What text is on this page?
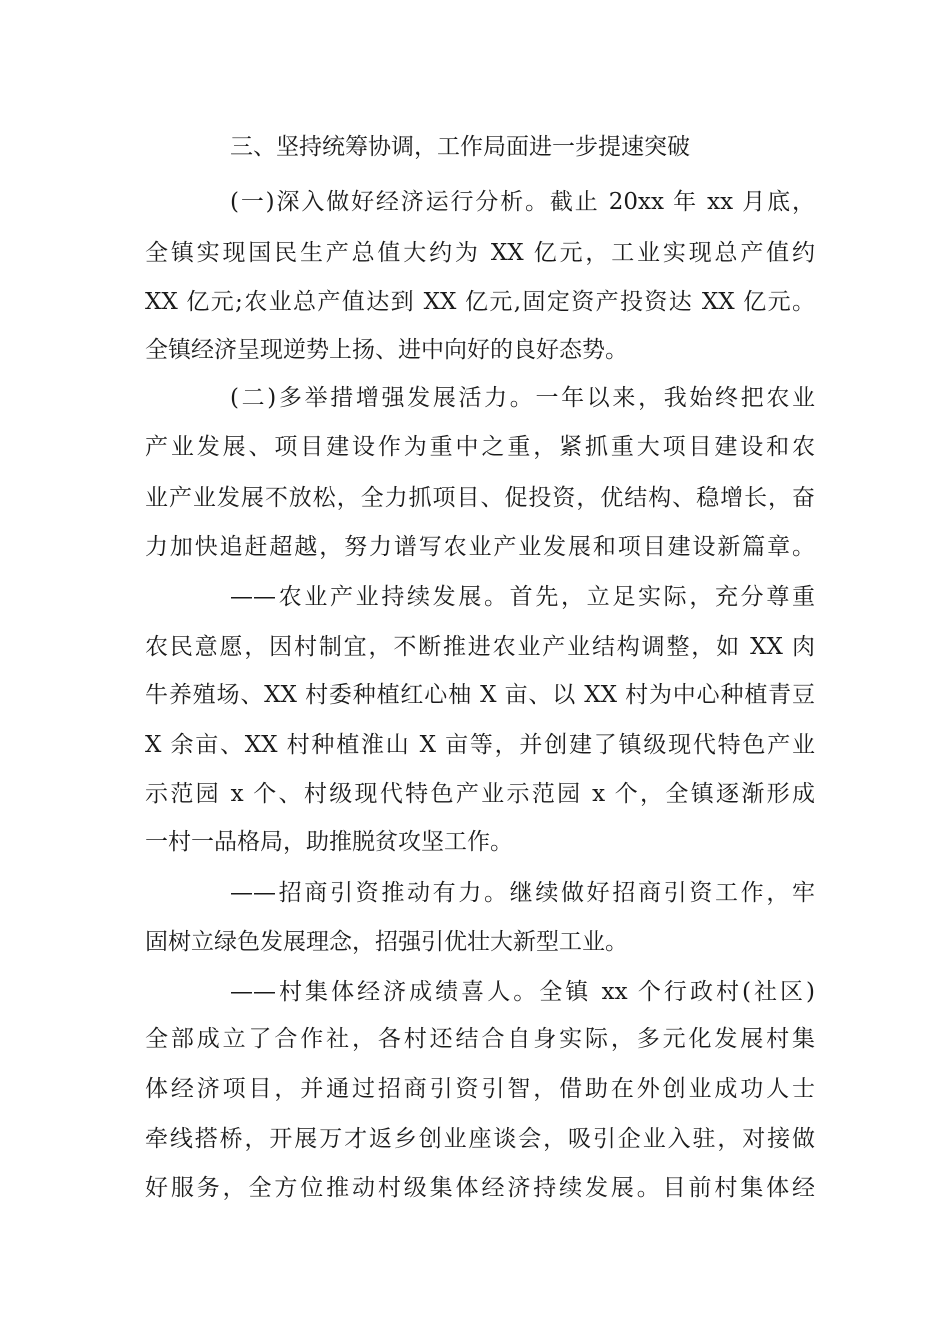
三、坚持统筹协调，工作局面进一步提速突破
(一)深入做好经济运行分析。截止 20xx 年 xx 月底，
全镇实现国民生产总值大约为 XX 亿元，工业实现总产值约
XX 亿元;农业总产值达到 XX 亿元,固定资产投资达 XX 亿元。
全镇经济呈现逆势上扬、进中向好的良好态势。
(二)多举措增强发展活力。一年以来，我始终把农业
产业发展、项目建设作为重中之重，紧抓重大项目建设和农
业产业发展不放松，全力抓项目、促投资，优结构、稳增长，奋
力加快追赶超越，努力谱写农业产业发展和项目建设新篇章。
——农业产业持续发展。首先，立足实际，充分尊重
农民意愿，因村制宜，不断推进农业产业结构调整，如 XX 肉
牛养殖场、XX 村委种植红心柚 X 亩、以 XX 村为中心种植青豆
X 余亩、XX 村种植淮山 X 亩等，并创建了镇级现代特色产业
示范园 x 个、村级现代特色产业示范园 x 个，全镇逐渐形成
一村一品格局，助推脱贫攻坚工作。
——招商引资推动有力。继续做好招商引资工作，牢
固树立绿色发展理念，招强引优壮大新型工业。
——村集体经济成绩喜人。全镇 xx 个行政村(社区)
全部成立了合作社，各村还结合自身实际，多元化发展村集
体经济项目，并通过招商引资引智，借助在外创业成功人士
牵线搭桥，开展万才返乡创业座谈会，吸引企业入驻，对接做
好服务，全方位推动村级集体经济持续发展。目前村集体经
